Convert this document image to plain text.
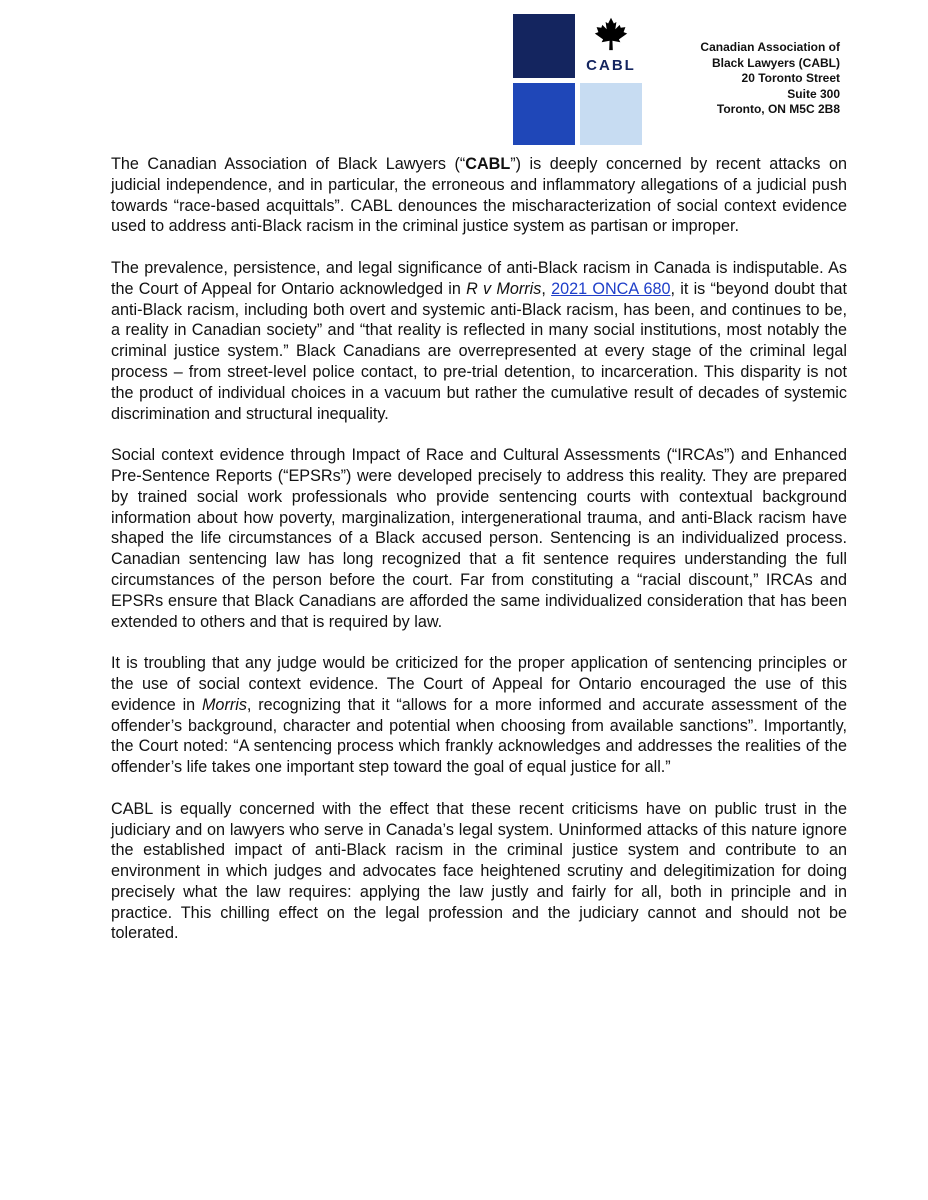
CABL
Canadian Association of
Black Lawyers (CABL)
20 Toronto Street
Suite 300
Toronto, ON M5C 2B8

The Canadian Association of Black Lawyers (“CABL”) is deeply concerned by recent attacks on judicial independence, and in particular, the erroneous and inflammatory allegations of a judicial push towards “race-based acquittals”. CABL denounces the mischaracterization of social context evidence used to address anti-Black racism in the criminal justice system as partisan or improper.

The prevalence, persistence, and legal significance of anti-Black racism in Canada is indisputable. As the Court of Appeal for Ontario acknowledged in R v Morris, 2021 ONCA 680, it is “beyond doubt that anti-Black racism, including both overt and systemic anti-Black racism, has been, and continues to be, a reality in Canadian society” and “that reality is reflected in many social institutions, most notably the criminal justice system.” Black Canadians are overrepresented at every stage of the criminal legal process – from street-level police contact, to pre-trial detention, to incarceration. This disparity is not the product of individual choices in a vacuum but rather the cumulative result of decades of systemic discrimination and structural inequality.

Social context evidence through Impact of Race and Cultural Assessments (“IRCAs”) and Enhanced Pre-Sentence Reports (“EPSRs”) were developed precisely to address this reality. They are prepared by trained social work professionals who provide sentencing courts with contextual background information about how poverty, marginalization, intergenerational trauma, and anti-Black racism have shaped the life circumstances of a Black accused person. Sentencing is an individualized process. Canadian sentencing law has long recognized that a fit sentence requires understanding the full circumstances of the person before the court. Far from constituting a “racial discount,” IRCAs and EPSRs ensure that Black Canadians are afforded the same individualized consideration that has been extended to others and that is required by law.

It is troubling that any judge would be criticized for the proper application of sentencing principles or the use of social context evidence. The Court of Appeal for Ontario encouraged the use of this evidence in Morris, recognizing that it “allows for a more informed and accurate assessment of the offender’s background, character and potential when choosing from available sanctions”. Importantly, the Court noted: “A sentencing process which frankly acknowledges and addresses the realities of the offender’s life takes one important step toward the goal of equal justice for all.”

CABL is equally concerned with the effect that these recent criticisms have on public trust in the judiciary and on lawyers who serve in Canada’s legal system. Uninformed attacks of this nature ignore the established impact of anti-Black racism in the criminal justice system and contribute to an environment in which judges and advocates face heightened scrutiny and delegitimization for doing precisely what the law requires: applying the law justly and fairly for all, both in principle and in practice. This chilling effect on the legal profession and the judiciary cannot and should not be tolerated.
